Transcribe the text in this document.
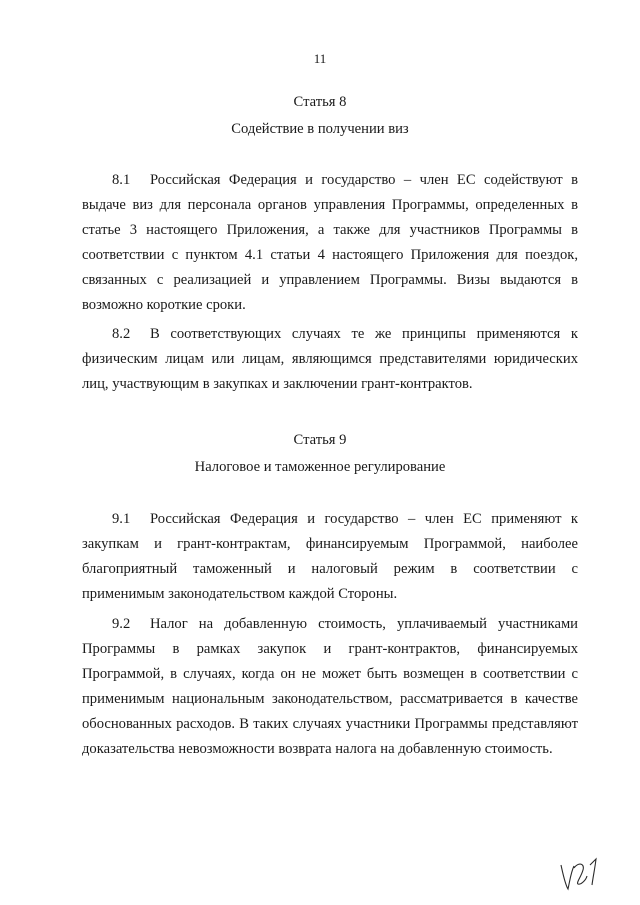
11
Статья 8
Содействие в получении виз

8.1 Российская Федерация и государство – член ЕС содействуют в выдаче виз для персонала органов управления Программы, определенных в статье 3 настоящего Приложения, а также для участников Программы в соответствии с пунктом 4.1 статьи 4 настоящего Приложения для поездок, связанных с реализацией и управлением Программы. Визы выдаются в возможно короткие сроки.

8.2 В соответствующих случаях те же принципы применяются к физическим лицам или лицам, являющимся представителями юридических лиц, участвующим в закупках и заключении грант-контрактов.

Статья 9
Налоговое и таможенное регулирование

9.1 Российская Федерация и государство – член ЕС применяют к закупкам и грант-контрактам, финансируемым Программой, наиболее благоприятный таможенный и налоговый режим в соответствии с применимым законодательством каждой Стороны.

9.2 Налог на добавленную стоимость, уплачиваемый участниками Программы в рамках закупок и грант-контрактов, финансируемых Программой, в случаях, когда он не может быть возмещен в соответствии с применимым национальным законодательством, рассматривается в качестве обоснованных расходов. В таких случаях участники Программы представляют доказательства невозможности возврата налога на добавленную стоимость.
